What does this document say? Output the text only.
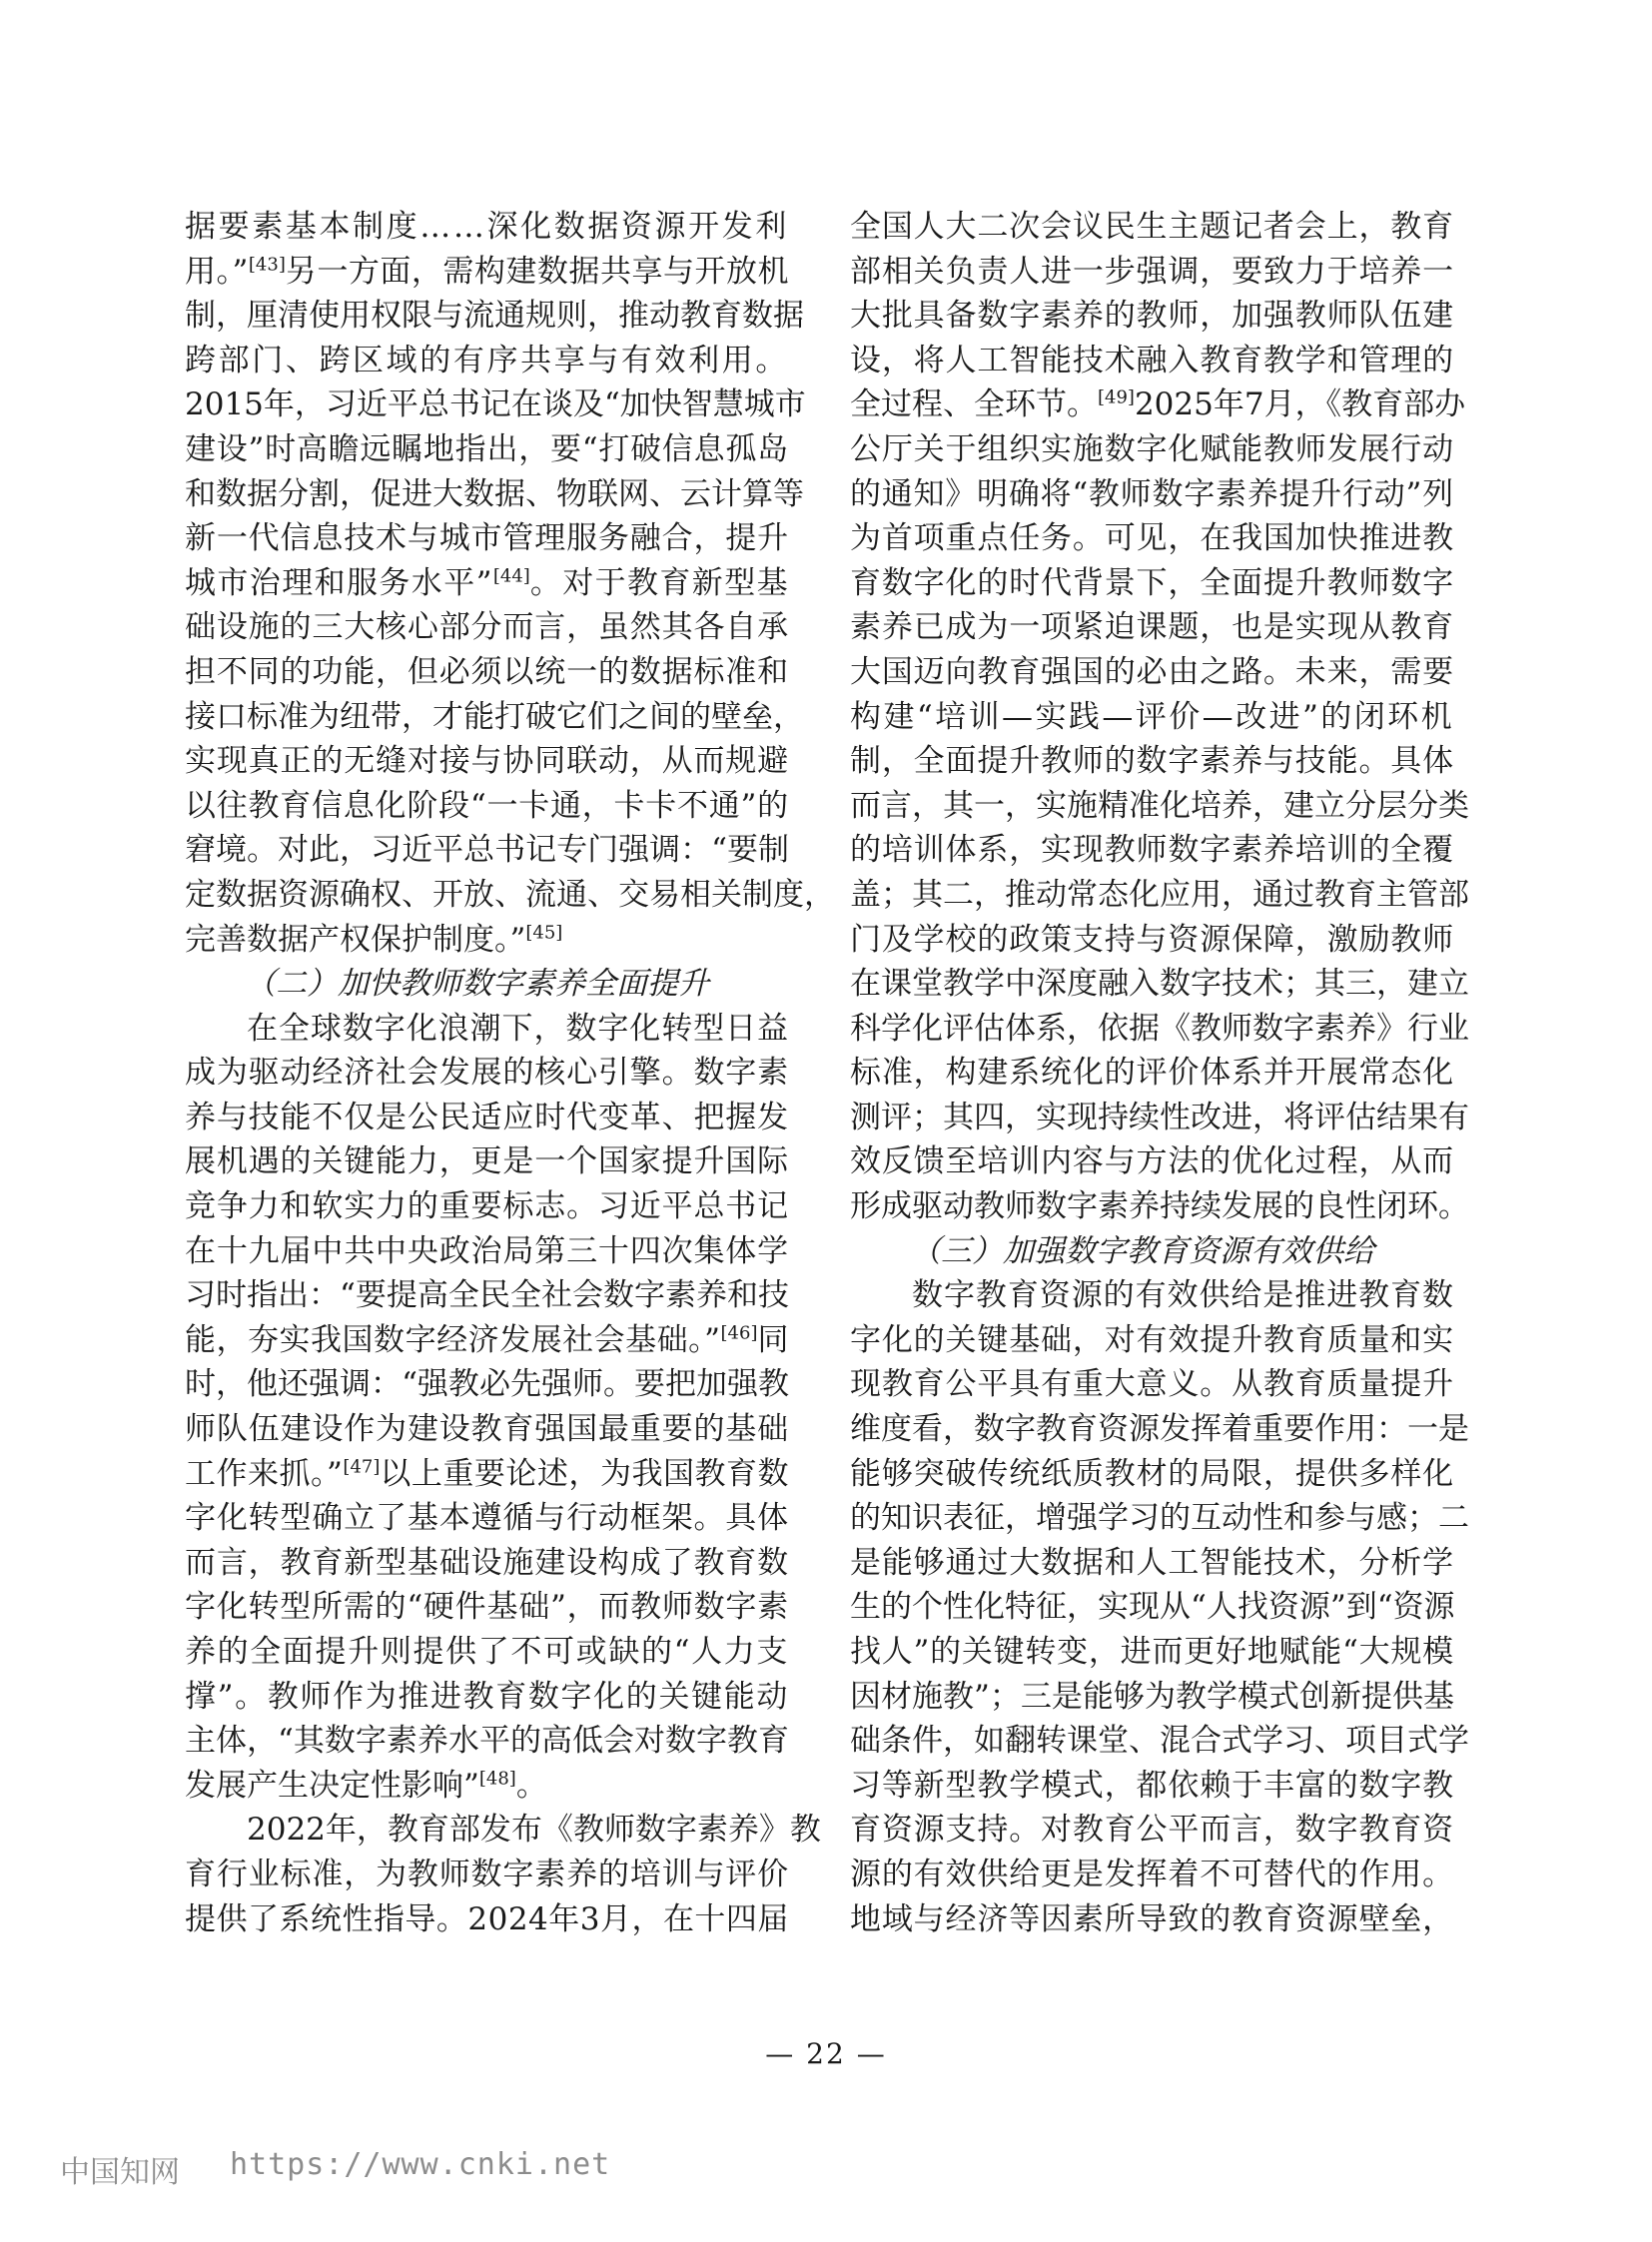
据要素基本制度……深化数据资源开发利
用。”[43]另一方面，需构建数据共享与开放机
制，厘清使用权限与流通规则，推动教育数据
跨部门、跨区域的有序共享与有效利用。
2015年，习近平总书记在谈及“加快智慧城市
建设”时高瞻远瞩地指出，要“打破信息孤岛
和数据分割，促进大数据、物联网、云计算等
新一代信息技术与城市管理服务融合，提升
城市治理和服务水平”[44]。对于教育新型基
础设施的三大核心部分而言，虽然其各自承
担不同的功能，但必须以统一的数据标准和
接口标准为纽带，才能打破它们之间的壁垒，
实现真正的无缝对接与协同联动，从而规避
以往教育信息化阶段“一卡通，卡卡不通”的
窘境。对此，习近平总书记专门强调：“要制
定数据资源确权、开放、流通、交易相关制度，
完善数据产权保护制度。”[45]
（二）加快教师数字素养全面提升
在全球数字化浪潮下，数字化转型日益
成为驱动经济社会发展的核心引擎。数字素
养与技能不仅是公民适应时代变革、把握发
展机遇的关键能力，更是一个国家提升国际
竞争力和软实力的重要标志。习近平总书记
在十九届中共中央政治局第三十四次集体学
习时指出：“要提高全民全社会数字素养和技
能，夯实我国数字经济发展社会基础。”[46]同
时，他还强调：“强教必先强师。要把加强教
师队伍建设作为建设教育强国最重要的基础
工作来抓。”[47]以上重要论述，为我国教育数
字化转型确立了基本遵循与行动框架。具体
而言，教育新型基础设施建设构成了教育数
字化转型所需的“硬件基础”，而教师数字素
养的全面提升则提供了不可或缺的“人力支
撑”。教师作为推进教育数字化的关键能动
主体，“其数字素养水平的高低会对数字教育
发展产生决定性影响”[48]。
2022年，教育部发布《教师数字素养》教
育行业标准，为教师数字素养的培训与评价
提供了系统性指导。2024年3月，在十四届
全国人大二次会议民生主题记者会上，教育
部相关负责人进一步强调，要致力于培养一
大批具备数字素养的教师，加强教师队伍建
设，将人工智能技术融入教育教学和管理的
全过程、全环节。[49]2025年7月，《教育部办
公厅关于组织实施数字化赋能教师发展行动
的通知》明确将“教师数字素养提升行动”列
为首项重点任务。可见，在我国加快推进教
育数字化的时代背景下，全面提升教师数字
素养已成为一项紧迫课题，也是实现从教育
大国迈向教育强国的必由之路。未来，需要
构建“培训—实践—评价—改进”的闭环机
制，全面提升教师的数字素养与技能。具体
而言，其一，实施精准化培养，建立分层分类
的培训体系，实现教师数字素养培训的全覆
盖；其二，推动常态化应用，通过教育主管部
门及学校的政策支持与资源保障，激励教师
在课堂教学中深度融入数字技术；其三，建立
科学化评估体系，依据《教师数字素养》行业
标准，构建系统化的评价体系并开展常态化
测评；其四，实现持续性改进，将评估结果有
效反馈至培训内容与方法的优化过程，从而
形成驱动教师数字素养持续发展的良性闭环。
（三）加强数字教育资源有效供给
数字教育资源的有效供给是推进教育数
字化的关键基础，对有效提升教育质量和实
现教育公平具有重大意义。从教育质量提升
维度看，数字教育资源发挥着重要作用：一是
能够突破传统纸质教材的局限，提供多样化
的知识表征，增强学习的互动性和参与感；二
是能够通过大数据和人工智能技术，分析学
生的个性化特征，实现从“人找资源”到“资源
找人”的关键转变，进而更好地赋能“大规模
因材施教”；三是能够为教学模式创新提供基
础条件，如翻转课堂、混合式学习、项目式学
习等新型教学模式，都依赖于丰富的数字教
育资源支持。对教育公平而言，数字教育资
源的有效供给更是发挥着不可替代的作用。
地域与经济等因素所导致的教育资源壁垒，
— 22 —
中国知网 https://www.cnki.net
